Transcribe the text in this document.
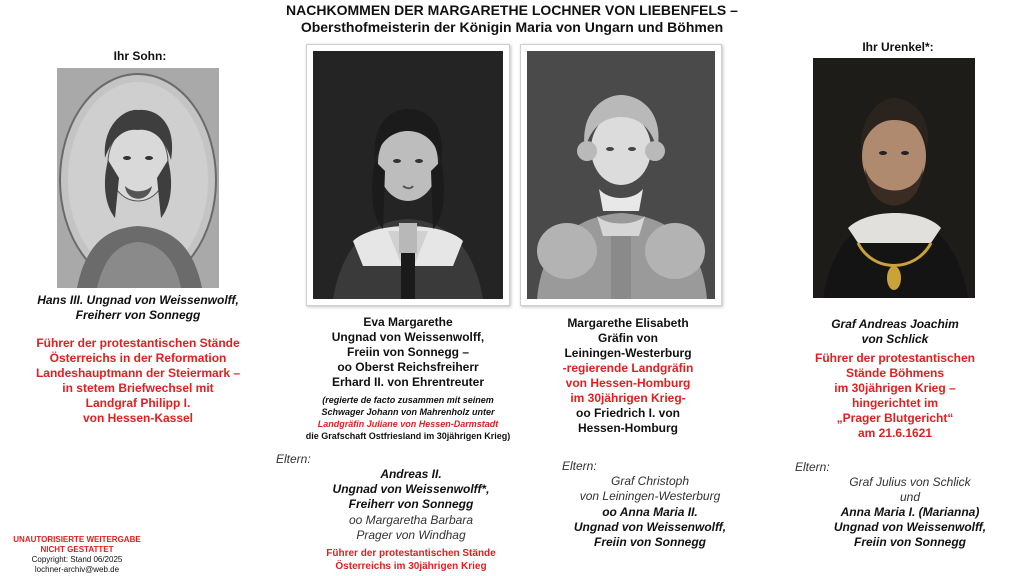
NACHKOMMEN DER MARGARETHE LOCHNER VON LIEBENFELS –
Obersthofmeisterin der Königin Maria von Ungarn und Böhmen
Ihr Sohn:
Hans III. Ungnad von Weissenwolff,
Freiherr von Sonnegg
Führer der protestantischen Stände
Österreichs in der Reformation
Landeshauptmann der Steiermark –
in stetem Briefwechsel mit
Landgraf Philipp I.
von Hessen-Kassel
Eva Margarethe
Ungnad von Weissenwolff,
Freiin von Sonnegg –
oo Oberst Reichsfreiherr
Erhard II. von Ehrentreuter
(regierte de facto zusammen mit seinem
Schwager Johann von Mahrenholz unter
Landgräfin Juliane von Hessen-Darmstadt
die Grafschaft Ostfriesland im 30jährigen Krieg)
Eltern:
Andreas II.
Ungnad von Weissenwolff*,
Freiherr von Sonnegg
oo Margaretha Barbara
Prager von Windhag
Führer der protestantischen Stände
Österreichs im 30jährigen Krieg
Margarethe Elisabeth
Gräfin von
Leiningen-Westerburg
-regierende Landgräfin
von Hessen-Homburg
im 30jährigen Krieg-
oo Friedrich I. von
Hessen-Homburg
Eltern:
Graf Christoph
von Leiningen-Westerburg
oo Anna Maria II.
Ungnad von Weissenwolff,
Freiin von Sonnegg
Ihr Urenkel*:
Graf Andreas Joachim
von Schlick
Führer der protestantischen
Stände Böhmens
im 30jährigen Krieg –
hingerichtet im
„Prager Blutgericht“
am 21.6.1621
Eltern:
Graf Julius von Schlick
und
Anna Maria I. (Marianna)
Ungnad von Weissenwolff,
Freiin von Sonnegg
UNAUTORISIERTE WEITERGABE
NICHT GESTATTET
Copyright: Stand 06/2025
lochner-archiv@web.de
